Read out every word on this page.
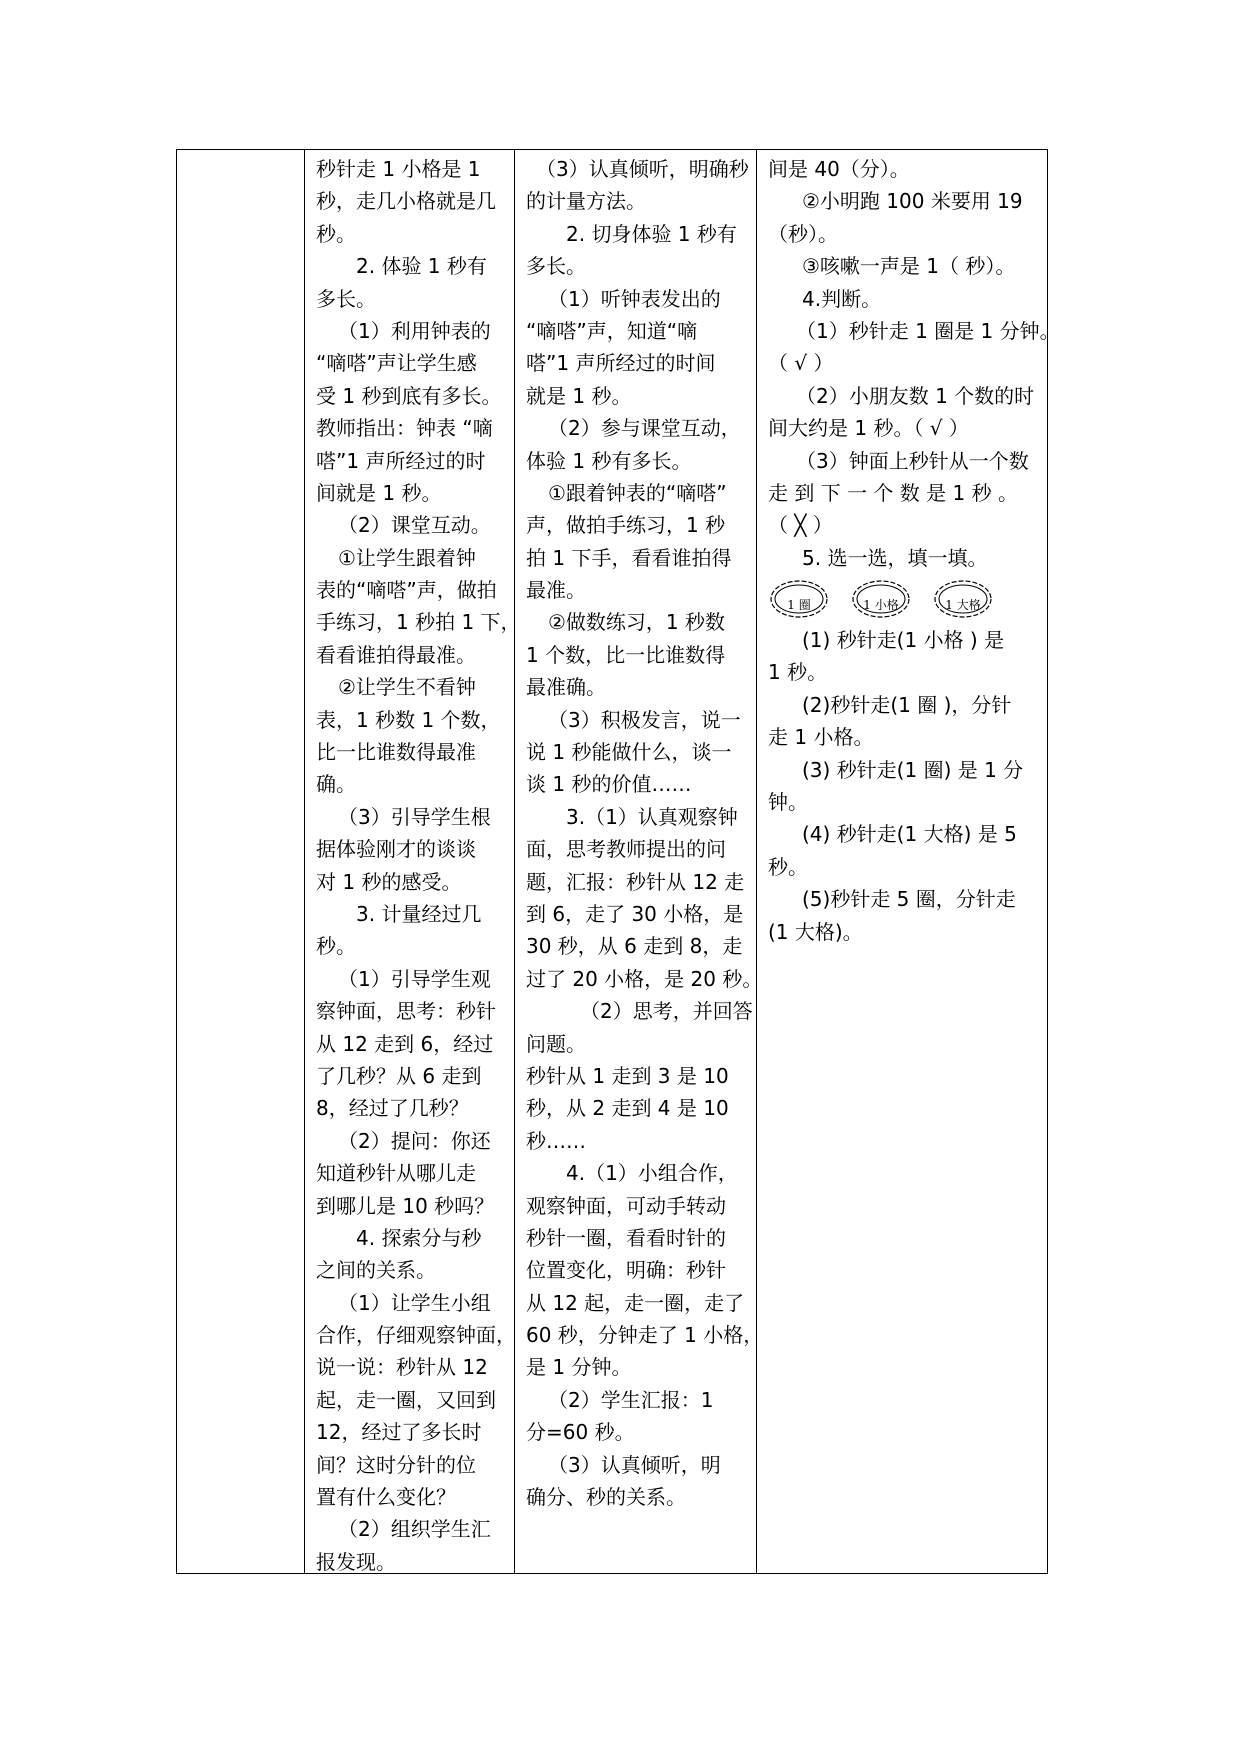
秒针走 1 小格是 1
秒，走几小格就是几
秒。
2. 体验 1 秒有
多长。
（1）利用钟表的
“嘀嗒”声让学生感
受 1 秒到底有多长。
教师指出：钟表 “嘀
嗒”1 声所经过的时
间就是 1 秒。
（2）课堂互动。
①让学生跟着钟
表的“嘀嗒”声，做拍
手练习，1 秒拍 1 下，
看看谁拍得最准。
②让学生不看钟
表，1 秒数 1 个数，
比一比谁数得最准
确。
（3）引导学生根
据体验刚才的谈谈
对 1 秒的感受。
3. 计量经过几
秒。
（1）引导学生观
察钟面，思考：秒针
从 12 走到 6，经过
了几秒？从 6 走到
8，经过了几秒？
（2）提问：你还
知道秒针从哪儿走
到哪儿是 10 秒吗？
4. 探索分与秒
之间的关系。
（1）让学生小组
合作，仔细观察钟面，
说一说：秒针从 12
起，走一圈，又回到
12，经过了多长时
间？这时分针的位
置有什么变化？
（2）组织学生汇
报发现。
（3）认真倾听，明确秒
的计量方法。
2. 切身体验 1 秒有
多长。
（1）听钟表发出的
“嘀嗒”声，知道“嘀
嗒”1 声所经过的时间
就是 1 秒。
（2）参与课堂互动，
体验 1 秒有多长。
①跟着钟表的“嘀嗒”
声，做拍手练习，1 秒
拍 1 下手，看看谁拍得
最准。
②做数练习，1 秒数
1 个数，比一比谁数得
最准确。
（3）积极发言，说一
说 1 秒能做什么，谈一
谈 1 秒的价值……
3.（1）认真观察钟
面，思考教师提出的问
题，汇报：秒针从 12 走
到 6，走了 30 小格，是
30 秒，从 6 走到 8，走
过了 20 小格，是 20 秒。
（2）思考，并回答
问题。
秒针从 1 走到 3 是 10
秒，从 2 走到 4 是 10
秒……
4.（1）小组合作，
观察钟面，可动手转动
秒针一圈，看看时针的
位置变化，明确：秒针
从 12 起，走一圈，走了
60 秒，分钟走了 1 小格，
是 1 分钟。
（2）学生汇报：1
分=60 秒。
（3）认真倾听，明
确分、秒的关系。
间是 40（分）。
②小明跑 100 米要用 19
（秒）。
③咳嗽一声是 1（ 秒）。
4.判断。
（1）秒针走 1 圈是 1 分钟。
（ √ ）
（2）小朋友数 1 个数的时
间大约是 1 秒。（ √ ）
（3）钟面上秒针从一个数
走 到 下 一 个 数 是 1 秒 。
（ ╳ ）
5. 选一选，填一填。
1 圈	1 小格	1 大格
(1) 秒针走(1 小格 ) 是
1 秒。
(2)秒针走(1 圈 )，分针
走 1 小格。
(3) 秒针走(1 圈) 是 1 分
钟。
(4) 秒针走(1 大格) 是 5
秒。
(5)秒针走 5 圈，分针走
(1 大格)。
